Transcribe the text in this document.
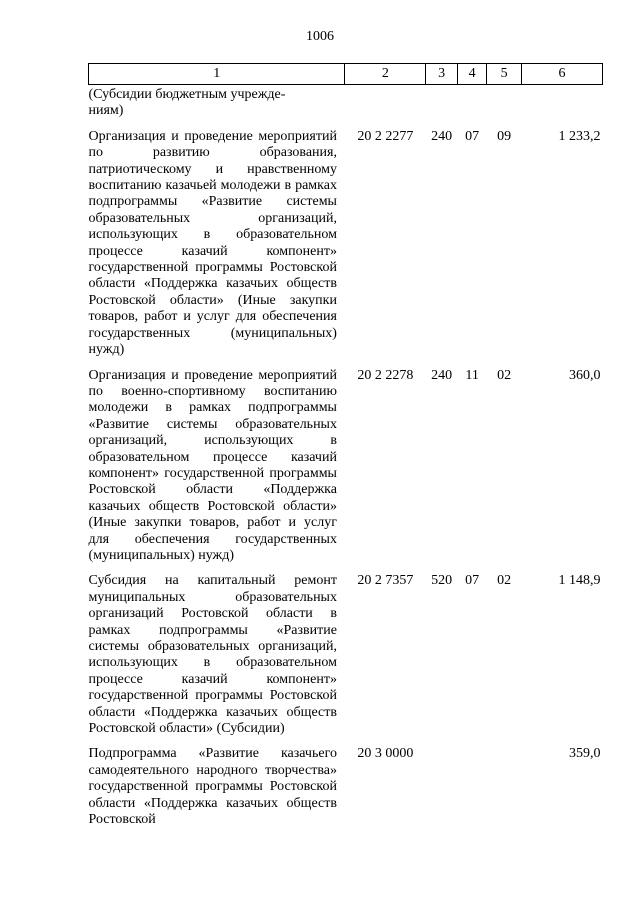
1006
1	2	3	4	5	6
(Субсидии бюджетным учрежде-
ниям)					
Организация и проведение мероприятий по развитию образования, патриотическому и нравственному воспитанию казачьей молодежи в рамках подпрограммы «Развитие системы образовательных организаций, использующих в образовательном процессе казачий компонент» государственной программы Ростовской области «Поддержка казачьих обществ Ростовской области» (Иные закупки товаров, работ и услуг для обеспечения государственных (муниципальных) нужд)	20 2 2277	240	07	09	1 233,2
Организация и проведение мероприятий по военно-спортивному воспитанию молодежи в рамках подпрограммы «Развитие системы образовательных организаций, использующих в образовательном процессе казачий компонент» государственной программы Ростовской области «Поддержка казачьих обществ Ростовской области» (Иные закупки товаров, работ и услуг для обеспечения государственных (муниципальных) нужд)	20 2 2278	240	11	02	360,0
Субсидия на капитальный ремонт муниципальных образовательных организаций Ростовской области в рамках подпрограммы «Развитие системы образовательных организаций, использующих в образовательном процессе казачий компонент» государственной программы Ростовской области «Поддержка казачьих обществ Ростовской области» (Субсидии)	20 2 7357	520	07	02	1 148,9
Подпрограмма «Развитие казачьего самодеятельного народного творчества» государственной программы Ростовской области «Поддержка казачьих обществ Ростовской	20 3 0000				359,0
